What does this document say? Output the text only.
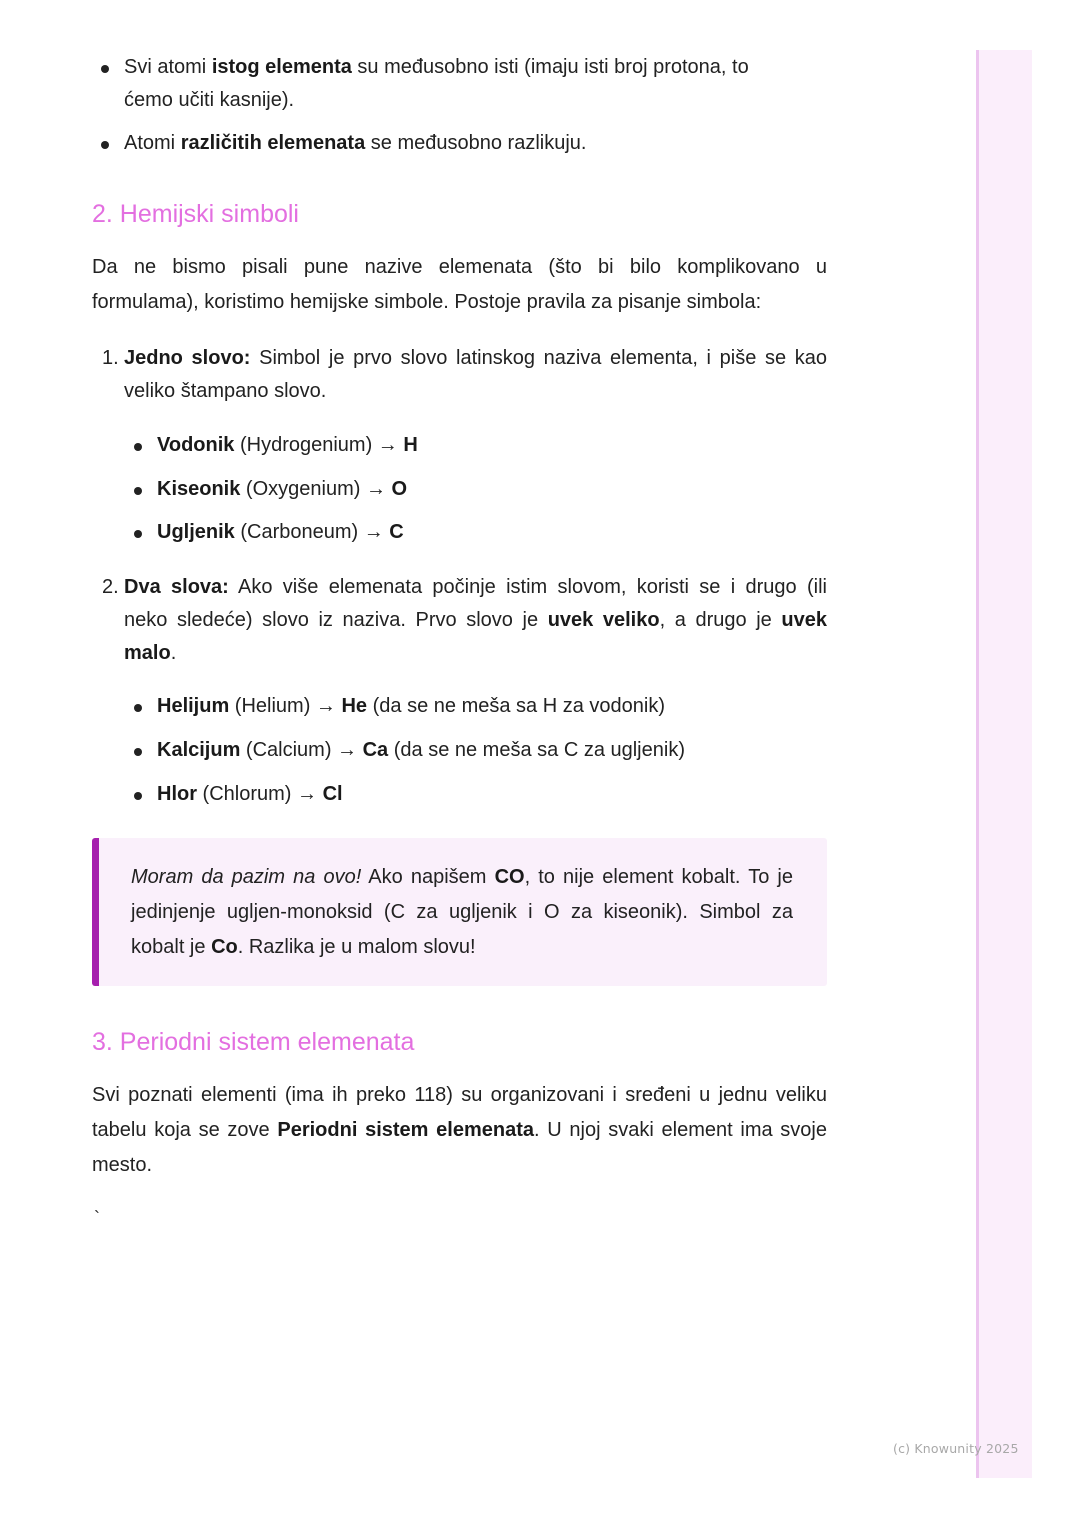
Svi atomi istog elementa su međusobno isti (imaju isti broj protona, to
ćemo učiti kasnije).
Atomi različitih elemenata se međusobno razlikuju.
2. Hemijski simboli
Da ne bismo pisali pune nazive elemenata (što bi bilo komplikovano u
formulama), koristimo hemijske simbole. Postoje pravila za pisanje simbola:
1. Jedno slovo: Simbol je prvo slovo latinskog naziva elementa, i piše se kao
veliko štampano slovo.
Vodonik (Hydrogenium) → H
Kiseonik (Oxygenium) → O
Ugljenik (Carboneum) → C
2. Dva slova: Ako više elemenata počinje istim slovom, koristi se i drugo (ili
neko sledeće) slovo iz naziva. Prvo slovo je uvek veliko, a drugo je uvek
malo.
Helijum (Helium) → He (da se ne meša sa H za vodonik)
Kalcijum (Calcium) → Ca (da se ne meša sa C za ugljenik)
Hlor (Chlorum) → Cl
Moram da pazim na ovo! Ako napišem CO, to nije element kobalt. To je
jedinjenje ugljen-monoksid (C za ugljenik i O za kiseonik). Simbol za
kobalt je Co. Razlika je u malom slovu!
3. Periodni sistem elemenata
Svi poznati elementi (ima ih preko 118) su organizovani i sređeni u jednu veliku
tabelu koja se zove Periodni sistem elemenata. U njoj svaki element ima svoje
mesto.
`
(c) Knowunity 2025
